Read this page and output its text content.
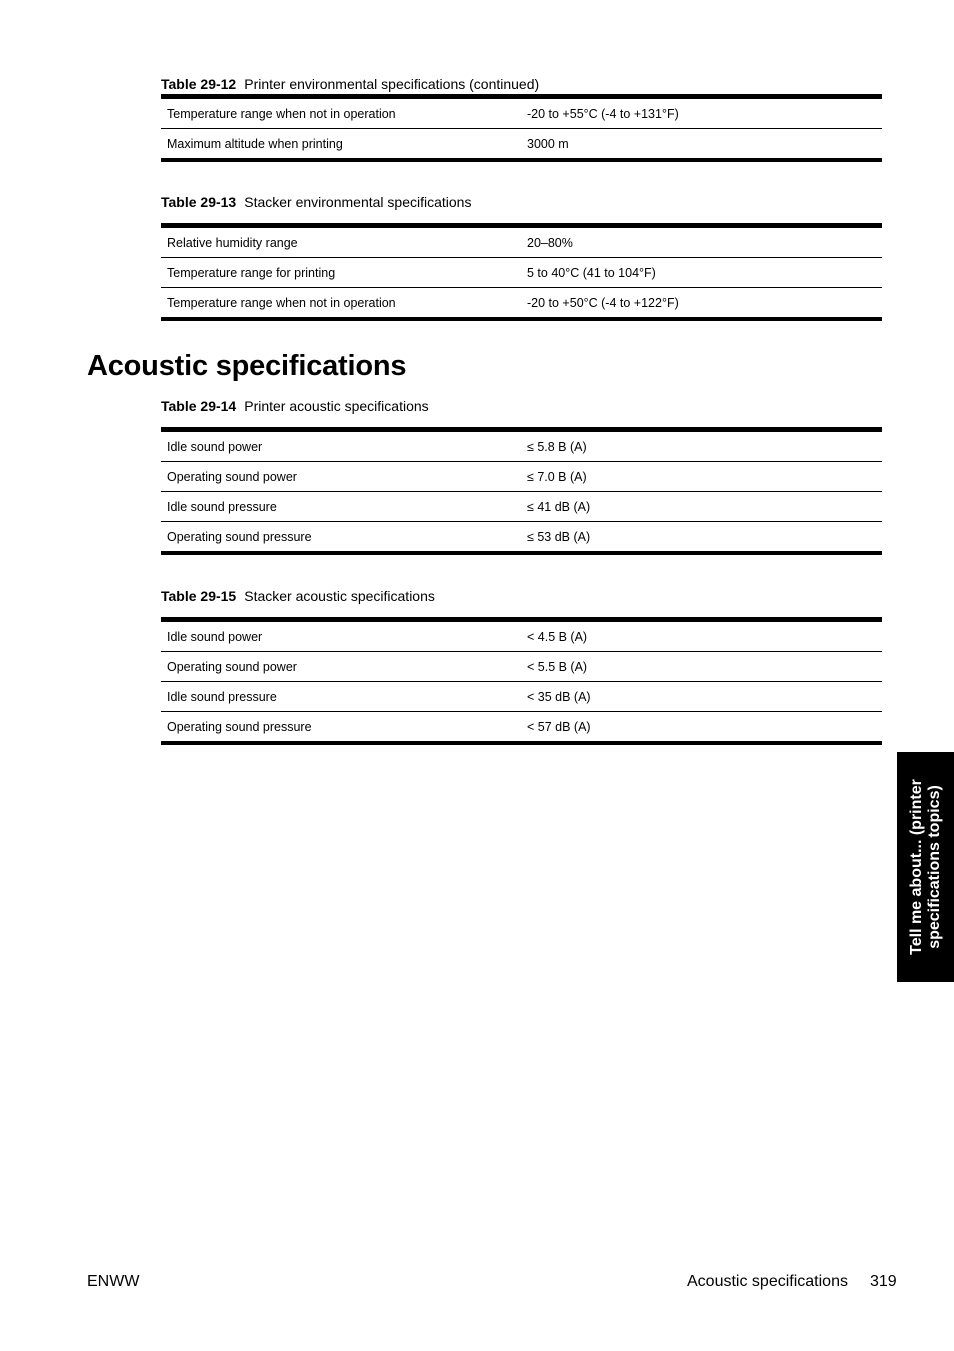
Table 29-12 Printer environmental specifications (continued)
Temperature range when not in operation	-20 to +55°C (-4 to +131°F)
Maximum altitude when printing	3000 m
Table 29-13 Stacker environmental specifications
Relative humidity range	20–80%
Temperature range for printing	5 to 40°C (41 to 104°F)
Temperature range when not in operation	-20 to +50°C (-4 to +122°F)
Acoustic specifications
Table 29-14 Printer acoustic specifications
Idle sound power	≤ 5.8 B (A)
Operating sound power	≤ 7.0 B (A)
Idle sound pressure	≤ 41 dB (A)
Operating sound pressure	≤ 53 dB (A)
Table 29-15 Stacker acoustic specifications
Idle sound power	< 4.5 B (A)
Operating sound power	< 5.5 B (A)
Idle sound pressure	< 35 dB (A)
Operating sound pressure	< 57 dB (A)
Tell me about... (printer specifications topics)
ENWW	Acoustic specifications 319
